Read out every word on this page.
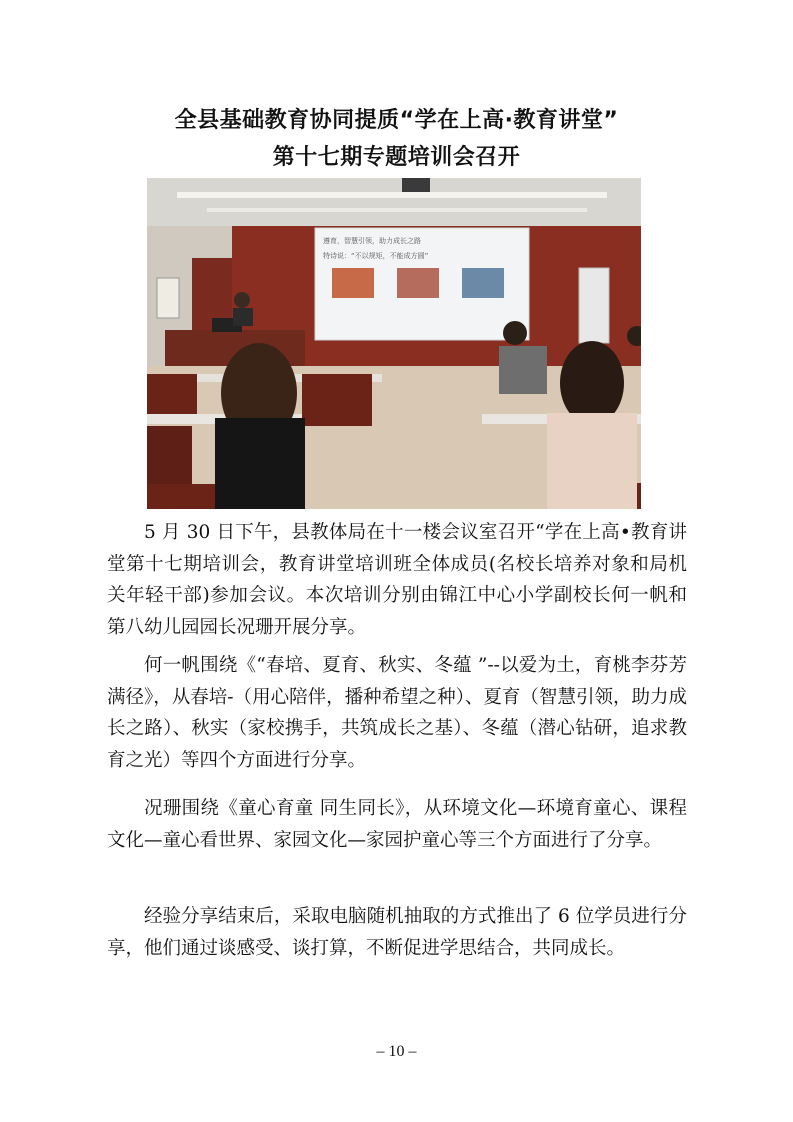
全县基础教育协同提质“学在上高·教育讲堂”
第十七期专题培训会召开
遵育，智慧引领，助力成长之路
特诗说：“不以规矩，不能成方圆”

5 月 30 日下午，县教体局在十一楼会议室召开“学在上高•教育讲堂第十七期培训会，教育讲堂培训班全体成员(名校长培养对象和局机关年轻干部)参加会议。本次培训分别由锦江中心小学副校长何一帆和第八幼儿园园长况珊开展分享。

何一帆围绕《“春培、夏育、秋实、冬蕴 ”--以爱为土，育桃李芬芳满径》，从春培-（用心陪伴，播种希望之种）、夏育（智慧引领，助力成长之路）、秋实（家校携手，共筑成长之基）、冬蕴（潜心钻研，追求教育之光）等四个方面进行分享。

况珊围绕《童心育童 同生同长》，从环境文化—环境育童心、课程文化—童心看世界、家园文化—家园护童心等三个方面进行了分享。

经验分享结束后，采取电脑随机抽取的方式推出了 6 位学员进行分享，他们通过谈感受、谈打算，不断促进学思结合，共同成长。

– 10 –
